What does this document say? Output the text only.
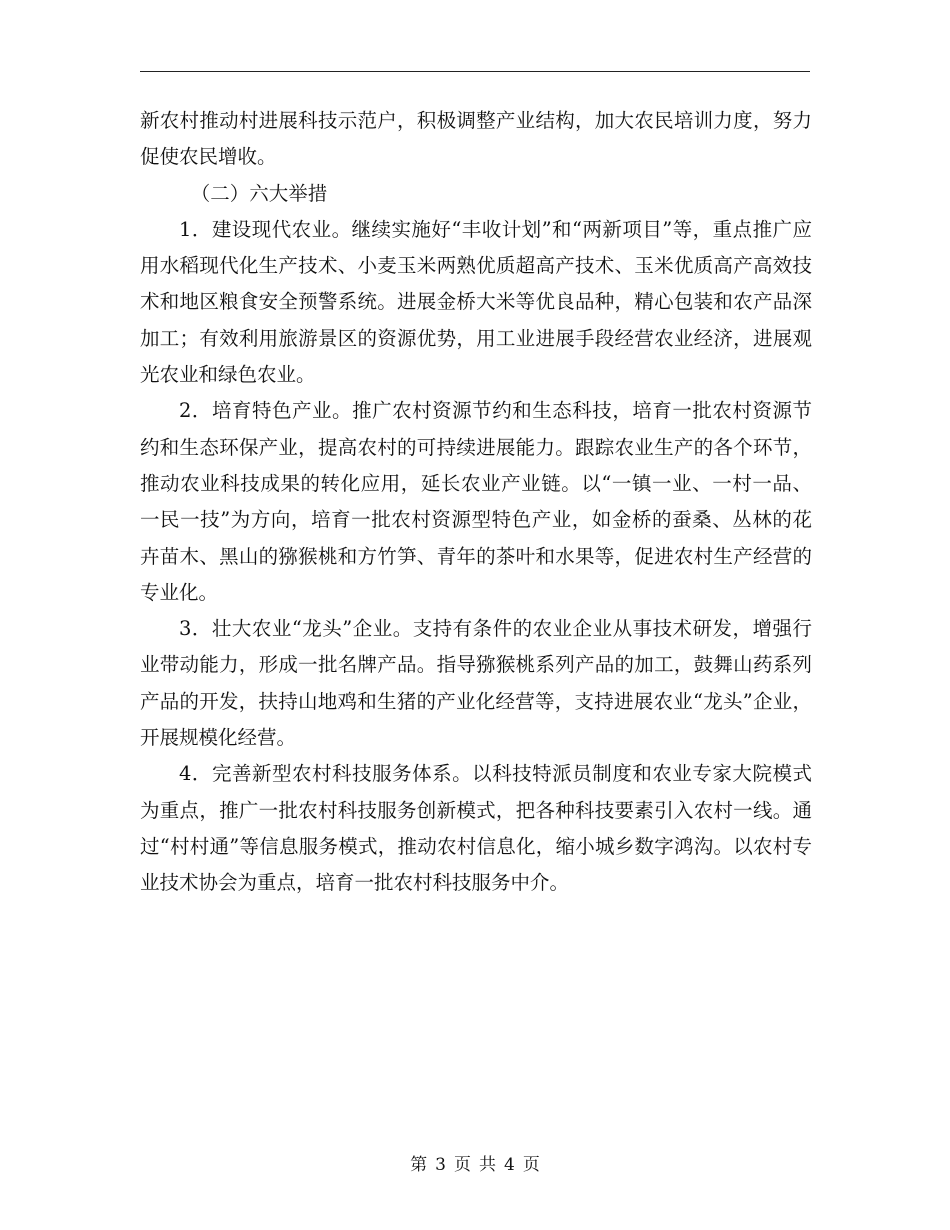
新农村推动村进展科技示范户，积极调整产业结构，加大农民培训力度，努力促使农民增收。

（二）六大举措

1．建设现代农业。继续实施好“丰收计划”和“两新项目”等，重点推广应用水稻现代化生产技术、小麦玉米两熟优质超高产技术、玉米优质高产高效技术和地区粮食安全预警系统。进展金桥大米等优良品种，精心包装和农产品深加工；有效利用旅游景区的资源优势，用工业进展手段经营农业经济，进展观光农业和绿色农业。

2．培育特色产业。推广农村资源节约和生态科技，培育一批农村资源节约和生态环保产业，提高农村的可持续进展能力。跟踪农业生产的各个环节，推动农业科技成果的转化应用，延长农业产业链。以“一镇一业、一村一品、一民一技”为方向，培育一批农村资源型特色产业，如金桥的蚕桑、丛林的花卉苗木、黑山的猕猴桃和方竹笋、青年的茶叶和水果等，促进农村生产经营的专业化。

3．壮大农业“龙头”企业。支持有条件的农业企业从事技术研发，增强行业带动能力，形成一批名牌产品。指导猕猴桃系列产品的加工，鼓舞山药系列产品的开发，扶持山地鸡和生猪的产业化经营等，支持进展农业“龙头”企业，开展规模化经营。

4．完善新型农村科技服务体系。以科技特派员制度和农业专家大院模式为重点，推广一批农村科技服务创新模式，把各种科技要素引入农村一线。通过“村村通”等信息服务模式，推动农村信息化，缩小城乡数字鸿沟。以农村专业技术协会为重点，培育一批农村科技服务中介。

第 3 页 共 4 页
